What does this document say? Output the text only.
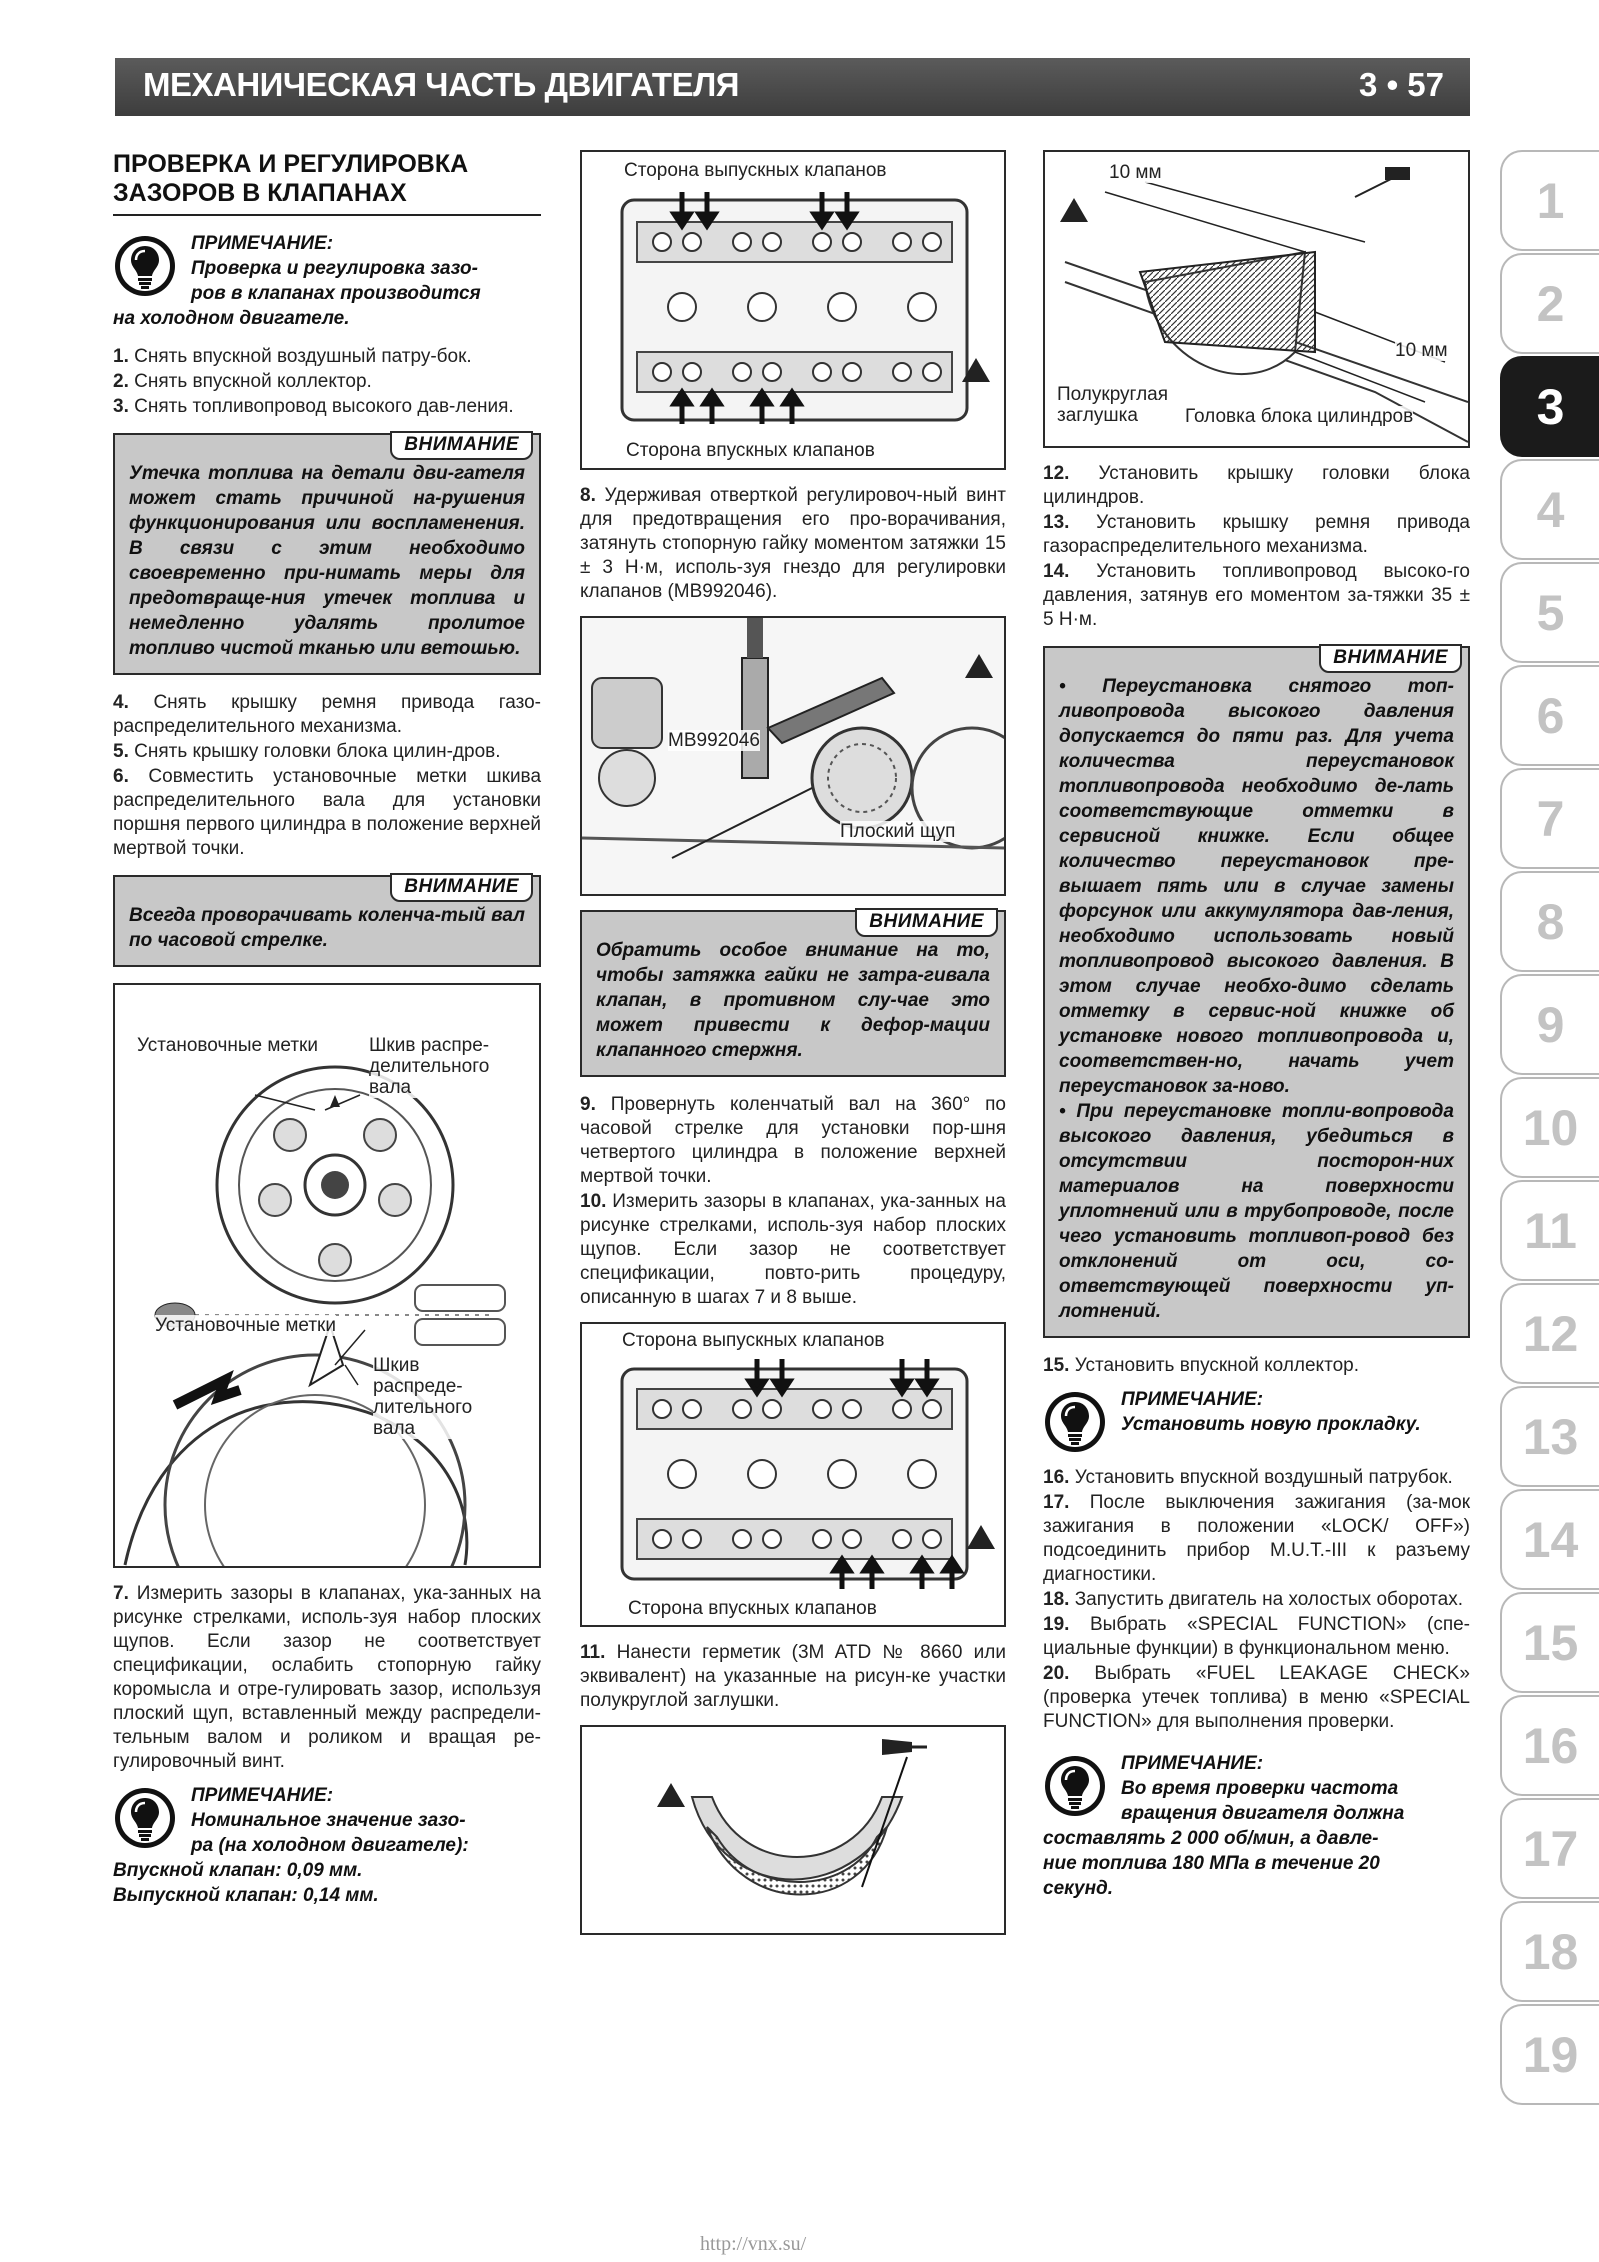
МЕХАНИЧЕСКАЯ ЧАСТЬ ДВИГАТЕЛЯ	3 • 57
ПРОВЕРКА И РЕГУЛИРОВКА ЗАЗОРОВ В КЛАПАНАХ
ПРИМЕЧАНИЕ:
Проверка и регулировка зазо-
ров в клапанах производится
на холодном двигателе.
1. Снять впускной воздушный патру-бок.
2. Снять впускной коллектор.
3. Снять топливопровод высокого дав-ления.
ВНИМАНИЕ
Утечка топлива на детали дви-гателя может стать причиной на-рушения функционирования или воспламенения. В связи с этим необходимо своевременно при-нимать меры для предотвраще-ния утечек топлива и немедленно удалять пролитое топливо чистой тканью или ветошью.
4. Снять крышку ремня привода газо-распределительного механизма.
5. Снять крышку головки блока цилин-дров.
6. Совместить установочные метки шкива распределительного вала для установки поршня первого цилиндра в положение верхней мертвой точки.
ВНИМАНИЕ
Всегда проворачивать коленча-тый вал по часовой стрелке.
Установочные метки	Шкив распре-делительного вала
Установочные метки
Шкив распреде-лительного вала
7. Измерить зазоры в клапанах, ука-занных на рисунке стрелками, исполь-зуя набор плоских щупов. Если зазор не соответствует спецификации, ослабить стопорную гайку коромысла и отре-гулировать зазор, используя плоский щуп, вставленный между распредели-тельным валом и роликом и вращая ре-гулировочный винт.
ПРИМЕЧАНИЕ:
Номинальное значение зазо-
ра (на холодном двигателе):
Впускной клапан: 0,09 мм.
Выпускной клапан: 0,14 мм.
Сторона выпускных клапанов
Сторона впускных клапанов
8. Удерживая отверткой регулировоч-ный винт для предотвращения его про-ворачивания, затянуть стопорную гайку моментом затяжки 15 ± 3 Н·м, исполь-зуя гнездо для регулировки клапанов (MB992046).
MB992046
Плоский щуп
ВНИМАНИЕ
Обратить особое внимание на то, чтобы затяжка гайки не затра-гивала клапан, в противном слу-чае это может привести к дефор-мации клапанного стержня.
9. Провернуть коленчатый вал на 360° по часовой стрелке для установки пор-шня четвертого цилиндра в положение верхней мертвой точки.
10. Измерить зазоры в клапанах, ука-занных на рисунке стрелками, исполь-зуя набор плоских щупов. Если зазор не соответствует спецификации, повто-рить процедуру, описанную в шагах 7 и 8 выше.
Сторона выпускных клапанов
Сторона впускных клапанов
11. Нанести герметик (3M ATD № 8660 или эквивалент) на указанные на рисун-ке участки полукруглой заглушки.
10 мм
10 мм
Полукруглая заглушка	Головка блока цилиндров
12. Установить крышку головки блока цилиндров.
13. Установить крышку ремня привода газораспределительного механизма.
14. Установить топливопровод высоко-го давления, затянув его моментом за-тяжки 35 ± 5 Н·м.
ВНИМАНИЕ
• Переустановка снятого топ-ливопровода высокого давления допускается до пяти раз. Для учета количества переустановок топливопровода необходимо де-лать соответствующие отметки в сервисной книжке. Если общее количество переустановок пре-вышает пять или в случае замены форсунок или аккумулятора дав-ления, необходимо использовать новый топливопровод высокого давления. В этом случае необхо-димо сделать отметку в сервис-ной книжке об установке нового топливопровода и, соответствен-но, начать учет переустановок за-ново.
• При переустановке топли-вопровода высокого давления, убедиться в отсутствии посторон-них материалов на поверхности уплотнений или в трубопроводе, после чего установить топливоп-ровод без отклонений от оси, со-ответствующей поверхности уп-лотнений.
15. Установить впускной коллектор.
ПРИМЕЧАНИЕ:
Установить новую прокладку.
16. Установить впускной воздушный патрубок.
17. После выключения зажигания (за-мок зажигания в положении «LOCK/ OFF») подсоединить прибор M.U.T.-III к разъему диагностики.
18. Запустить двигатель на холостых оборотах.
19. Выбрать «SPECIAL FUNCTION» (спе-циальные функции) в функциональном меню.
20. Выбрать «FUEL LEAKAGE CHECK» (проверка утечек топлива) в меню «SPECIAL FUNCTION» для выполнения проверки.
ПРИМЕЧАНИЕ:
Во время проверки частота
вращения двигателя должна
составлять 2 000 об/мин, а давле-
ние топлива 180 МПа в течение 20
секунд.
1
2
3
4
5
6
7
8
9
10
11
12
13
14
15
16
17
18
19
http://vnx.su/
